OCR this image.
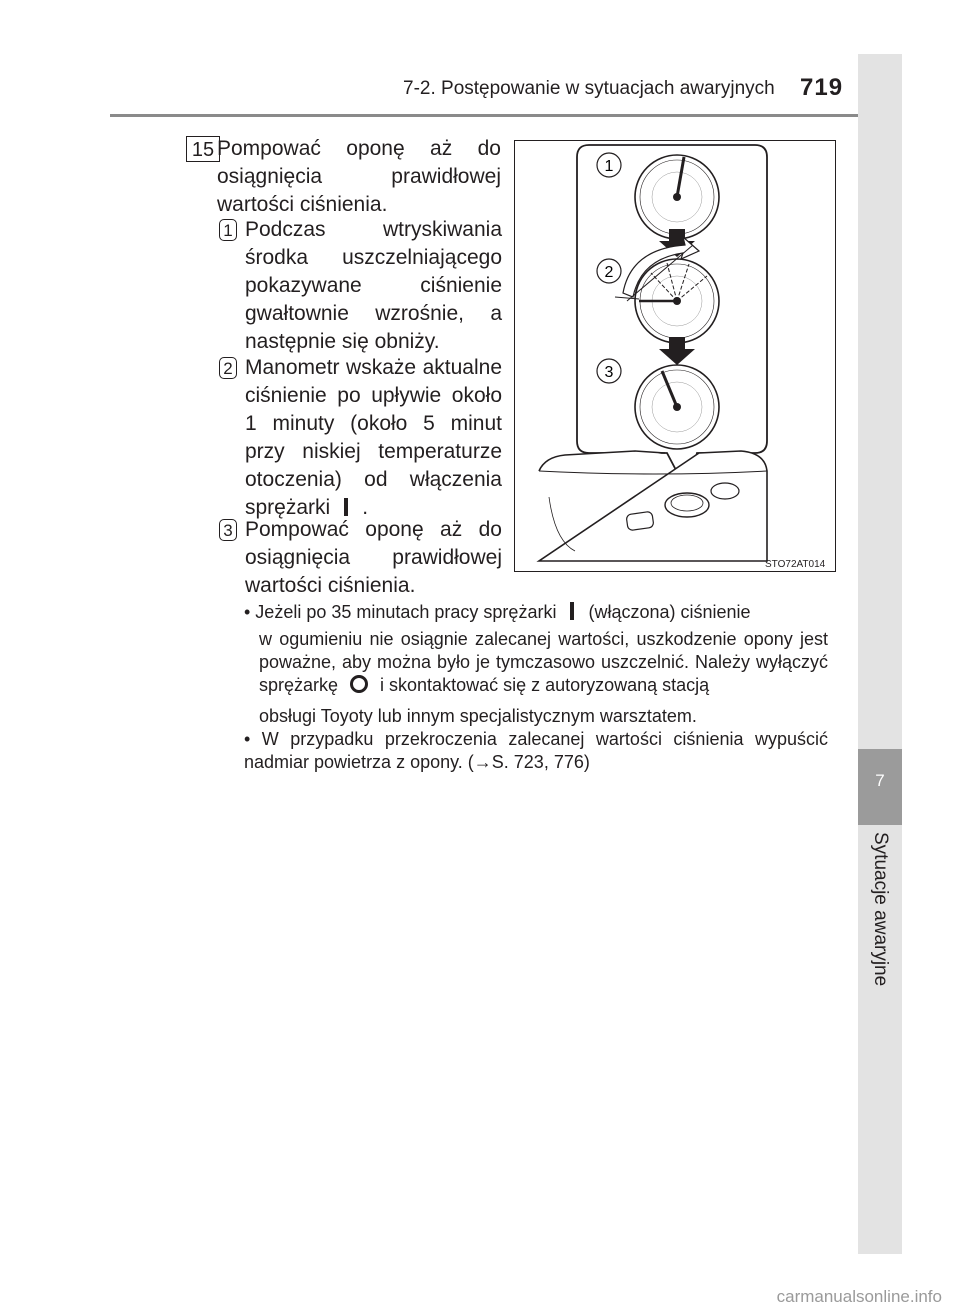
7-2. Postępowanie w sytuacjach awaryjnych 719
7
Sytuacje awaryjne
15 Pompować oponę aż do osiągnięcia prawidłowej wartości ciśnienia.
1 Podczas wtryskiwania środka uszczelniającego pokazywane ciśnienie gwałtownie wzrośnie, a następnie się obniży.
2 Manometr wskaże aktualne ciśnienie po upływie około 1 minuty (około 5 minut przy niskiej temperaturze otoczenia) od włączenia sprężarki .
3 Pompować oponę aż do osiągnięcia prawidłowej wartości ciśnienia.
1
2
3
STO72AT014
• Jeżeli po 35 minutach pracy sprężarki (włączona) ciśnienie
w ogumieniu nie osiągnie zalecanej wartości, uszkodzenie opony jest poważne, aby można było je tymczasowo uszczelnić. Należy wyłączyć sprężarkę i skontaktować się z autoryzowaną stacją
obsługi Toyoty lub innym specjalistycznym warsztatem.
• W przypadku przekroczenia zalecanej wartości ciśnienia wypuścić nadmiar powietrza z opony. (→S. 723, 776)
carmanualsonline.info
